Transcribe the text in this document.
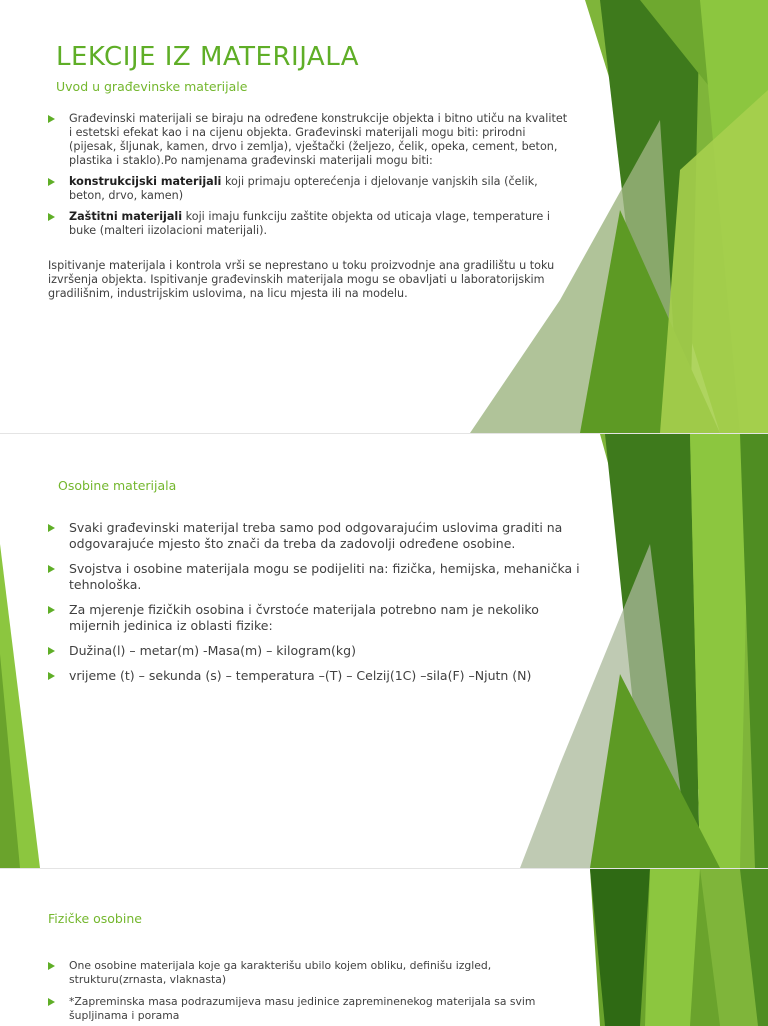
LEKCIJE IZ MATERIJALA
Uvod u građevinske materijale
Građevinski materijali se biraju na određene konstrukcije objekta i bitno utiču na kvalitet i estetski efekat kao i na cijenu objekta. Građevinski materijali mogu biti: prirodni (pijesak, šljunak, kamen, drvo i zemlja), vještački (željezo, čelik, opeka, cement, beton, plastika i staklo).Po namjenama građevinski materijali mogu biti:
konstrukcijski materijali koji primaju opterećenja i djelovanje vanjskih sila (čelik, beton, drvo, kamen)
Zaštitni materijali koji imaju funkciju zaštite objekta od uticaja vlage, temperature i buke (malteri iizolacioni materijali).
Ispitivanje materijala i kontrola vrši se neprestano u toku proizvodnje ana gradilištu u toku izvršenja objekta. Ispitivanje građevinskih materijala mogu se obavljati u laboratorijskim gradilišnim, industrijskim uslovima, na licu mjesta ili na modelu.
Osobine materijala
Svaki građevinski materijal treba samo pod odgovarajućim uslovima graditi na odgovarajuće mjesto što znači da treba da zadovolji određene osobine.
Svojstva i osobine materijala mogu se podijeliti na: fizička, hemijska, mehanička i tehnološka.
Za mjerenje fizičkih osobina i čvrstoće materijala potrebno nam je nekoliko mijernih jedinica iz oblasti fizike:
Dužina(l) – metar(m) -Masa(m) – kilogram(kg)
vrijeme (t) – sekunda (s) – temperatura –(T) – Celzij(1C) –sila(F) –Njutn (N)
Fizičke osobine
One osobine materijala koje ga karakterišu ubilo kojem obliku, definišu izgled, strukturu(zrnasta, vlaknasta)
*Zapreminska masa podrazumijeva masu jedinice zapreminenekog materijala sa svim šupljinama i porama
